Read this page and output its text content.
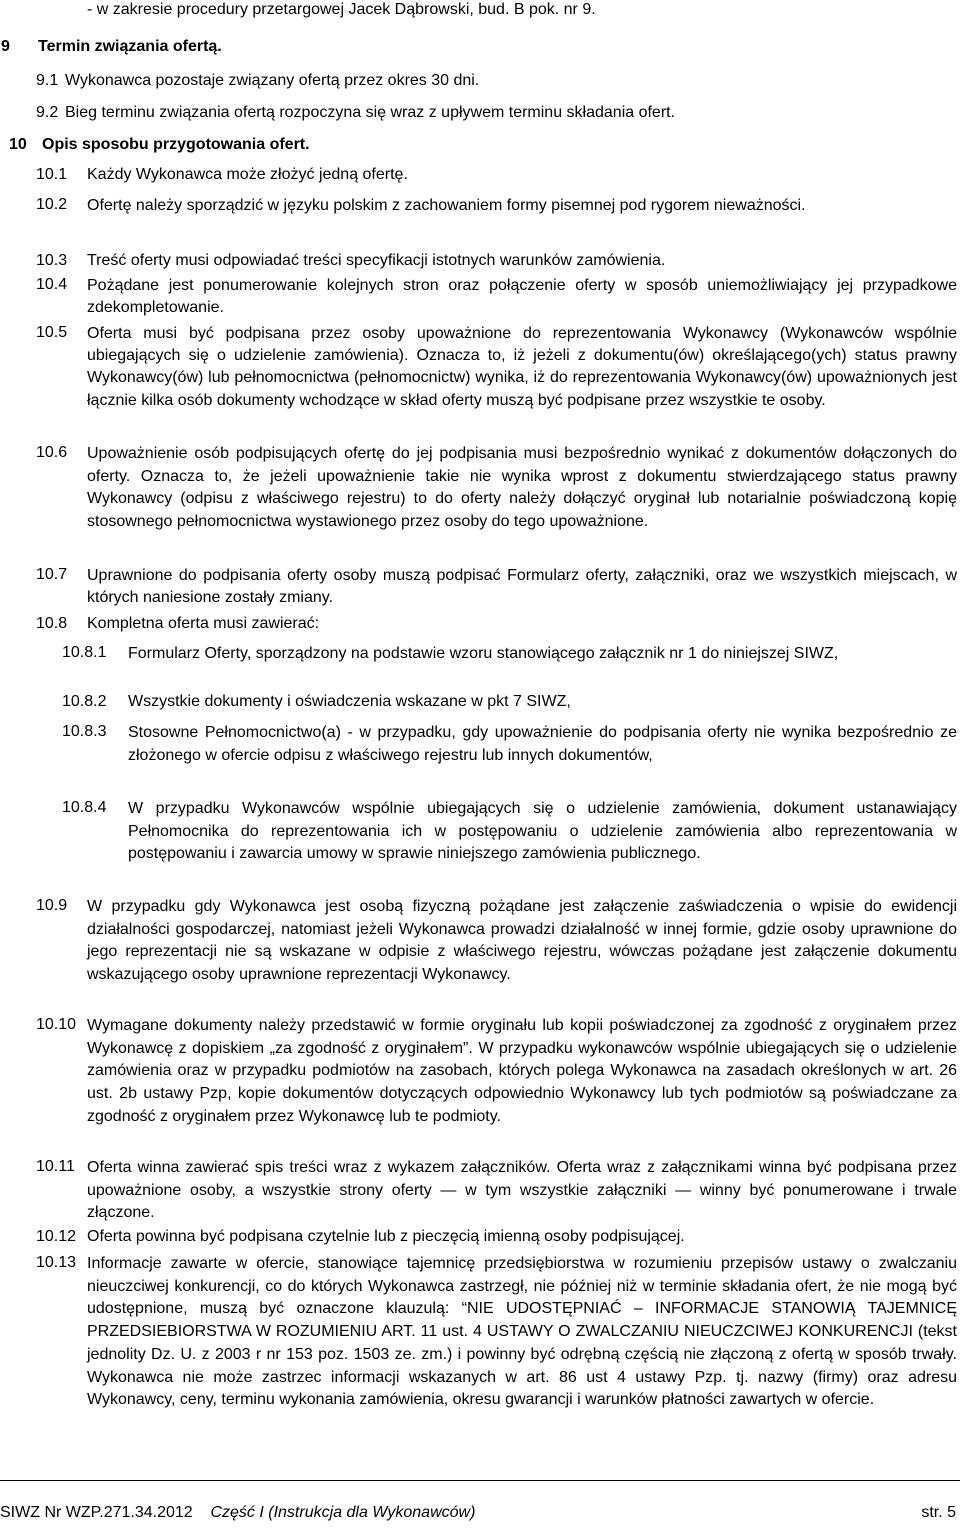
- w zakresie procedury przetargowej Jacek Dąbrowski, bud. B pok. nr 9.
9 Termin związania ofertą.
9.1 Wykonawca pozostaje związany ofertą przez okres 30 dni.
9.2 Bieg terminu związania ofertą rozpoczyna się wraz z upływem terminu składania ofert.
10 Opis sposobu przygotowania ofert.
10.1 Każdy Wykonawca może złożyć jedną ofertę.
10.2 Ofertę należy sporządzić w języku polskim z zachowaniem formy pisemnej pod rygorem nieważności.
10.3 Treść oferty musi odpowiadać treści specyfikacji istotnych warunków zamówienia.
10.4 Pożądane jest ponumerowanie kolejnych stron oraz połączenie oferty w sposób uniemożliwiający jej przypadkowe zdekompletowanie.
10.5 Oferta musi być podpisana przez osoby upoważnione do reprezentowania Wykonawcy (Wykonawców wspólnie ubiegających się o udzielenie zamówienia). Oznacza to, iż jeżeli z dokumentu(ów) określającego(ych) status prawny Wykonawcy(ów) lub pełnomocnictwa (pełnomocnictw) wynika, iż do reprezentowania Wykonawcy(ów) upoważnionych jest łącznie kilka osób dokumenty wchodzące w skład oferty muszą być podpisane przez wszystkie te osoby.
10.6 Upoważnienie osób podpisujących ofertę do jej podpisania musi bezpośrednio wynikać z dokumentów dołączonych do oferty. Oznacza to, że jeżeli upoważnienie takie nie wynika wprost z dokumentu stwierdzającego status prawny Wykonawcy (odpisu z właściwego rejestru) to do oferty należy dołączyć oryginał lub notarialnie poświadczoną kopię stosownego pełnomocnictwa wystawionego przez osoby do tego upoważnione.
10.7 Uprawnione do podpisania oferty osoby muszą podpisać Formularz oferty, załączniki, oraz we wszystkich miejscach, w których naniesione zostały zmiany.
10.8 Kompletna oferta musi zawierać:
10.8.1 Formularz Oferty, sporządzony na podstawie wzoru stanowiącego załącznik nr 1 do niniejszej SIWZ,
10.8.2 Wszystkie dokumenty i oświadczenia wskazane w pkt 7 SIWZ,
10.8.3 Stosowne Pełnomocnictwo(a) - w przypadku, gdy upoważnienie do podpisania oferty nie wynika bezpośrednio ze złożonego w ofercie odpisu z właściwego rejestru lub innych dokumentów,
10.8.4 W przypadku Wykonawców wspólnie ubiegających się o udzielenie zamówienia, dokument ustanawiający Pełnomocnika do reprezentowania ich w postępowaniu o udzielenie zamówienia albo reprezentowania w postępowaniu i zawarcia umowy w sprawie niniejszego zamówienia publicznego.
10.9 W przypadku gdy Wykonawca jest osobą fizyczną pożądane jest załączenie zaświadczenia o wpisie do ewidencji działalności gospodarczej, natomiast jeżeli Wykonawca prowadzi działalność w innej formie, gdzie osoby uprawnione do jego reprezentacji nie są wskazane w odpisie z właściwego rejestru, wówczas pożądane jest załączenie dokumentu wskazującego osoby uprawnione reprezentacji Wykonawcy.
10.10 Wymagane dokumenty należy przedstawić w formie oryginału lub kopii poświadczonej za zgodność z oryginałem przez Wykonawcę z dopiskiem „za zgodność z oryginałem”. W przypadku wykonawców wspólnie ubiegających się o udzielenie zamówienia oraz w przypadku podmiotów na zasobach, których polega Wykonawca na zasadach określonych w art. 26 ust. 2b ustawy Pzp, kopie dokumentów dotyczących odpowiednio Wykonawcy lub tych podmiotów są poświadczane za zgodność z oryginałem przez Wykonawcę lub te podmioty.
10.11 Oferta winna zawierać spis treści wraz z wykazem załączników. Oferta wraz z załącznikami winna być podpisana przez upoważnione osoby, a wszystkie strony oferty — w tym wszystkie załączniki — winny być ponumerowane i trwale złączone.
10.12 Oferta powinna być podpisana czytelnie lub z pieczęcią imienną osoby podpisującej.
10.13 Informacje zawarte w ofercie, stanowiące tajemnicę przedsiębiorstwa w rozumieniu przepisów ustawy o zwalczaniu nieuczciwej konkurencji, co do których Wykonawca zastrzegł, nie później niż w terminie składania ofert, że nie mogą być udostępnione, muszą być oznaczone klauzulą: “NIE UDOSTĘPNIAĆ – INFORMACJE STANOWIĄ TAJEMNICĘ PRZEDSIEBIORSTWA W ROZUMIENIU ART. 11 ust. 4 USTAWY O ZWALCZANIU NIEUCZCIWEJ KONKURENCJI (tekst jednolity Dz. U. z 2003 r nr 153 poz. 1503 ze. zm.) i powinny być odrębną częścią nie złączoną z ofertą w sposób trwały. Wykonawca nie może zastrzec informacji wskazanych w art. 86 ust 4 ustawy Pzp. tj. nazwy (firmy) oraz adresu Wykonawcy, ceny, terminu wykonania zamówienia, okresu gwarancji i warunków płatności zawartych w ofercie.
SIWZ Nr WZP.271.34.2012 Część I (Instrukcja dla Wykonawców)	str. 5
